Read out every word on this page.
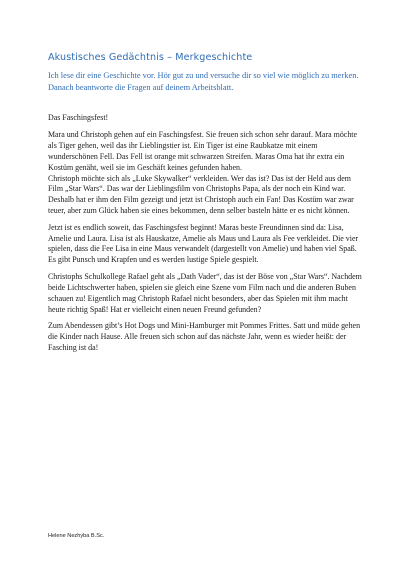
Akustisches Gedächtnis – Merkgeschichte
Ich lese dir eine Geschichte vor. Hör gut zu und versuche dir so viel wie möglich zu merken. Danach beantworte die Fragen auf deinem Arbeitsblatt.

Das Faschingsfest!

Mara und Christoph gehen auf ein Faschingsfest. Sie freuen sich schon sehr darauf. Mara möchte als Tiger gehen, weil das ihr Lieblingstier ist. Ein Tiger ist eine Raubkatze mit einem wunderschönen Fell. Das Fell ist orange mit schwarzen Streifen. Maras Oma hat ihr extra ein Kostüm genäht, weil sie im Geschäft keines gefunden haben.

Christoph möchte sich als „Luke Skywalker“ verkleiden. Wer das ist? Das ist der Held aus dem Film „Star Wars“. Das war der Lieblingsfilm von Christophs Papa, als der noch ein Kind war. Deshalb hat er ihm den Film gezeigt und jetzt ist Christoph auch ein Fan! Das Kostüm war zwar teuer, aber zum Glück haben sie eines bekommen, denn selber basteln hätte er es nicht können.

Jetzt ist es endlich soweit, das Faschingsfest beginnt! Maras beste Freundinnen sind da: Lisa, Amelie und Laura. Lisa ist als Hauskatze, Amelie als Maus und Laura als Fee verkleidet. Die vier spielen, dass die Fee Lisa in eine Maus verwandelt (dargestellt von Amelie) und haben viel Spaß. Es gibt Punsch und Krapfen und es werden lustige Spiele gespielt.

Christophs Schulkollege Rafael geht als „Dath Vader“, das ist der Böse von „Star Wars“. Nachdem beide Lichtschwerter haben, spielen sie gleich eine Szene vom Film nach und die anderen Buben schauen zu! Eigentlich mag Christoph Rafael nicht besonders, aber das Spielen mit ihm macht heute richtig Spaß! Hat er vielleicht einen neuen Freund gefunden?

Zum Abendessen gibt’s Hot Dogs und Mini-Hamburger mit Pommes Frittes. Satt und müde gehen die Kinder nach Hause. Alle freuen sich schon auf das nächste Jahr, wenn es wieder heißt: der Fasching ist da!

Helene Nezhyba B.Sc.
